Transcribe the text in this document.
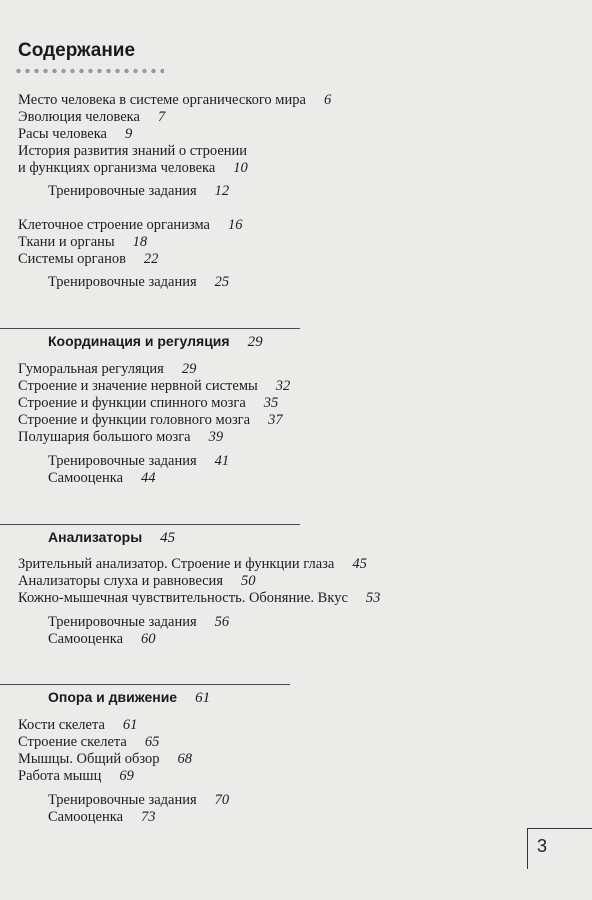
Содержание
Место человека в системе органического мира 6
Эволюция человека 7
Расы человека 9
История развития знаний о строении
и функциях организма человека 10
Тренировочные задания 12
Клеточное строение организма 16
Ткани и органы 18
Системы органов 22
Тренировочные задания 25
Координация и регуляция 29
Гуморальная регуляция 29
Строение и значение нервной системы 32
Строение и функции спинного мозга 35
Строение и функции головного мозга 37
Полушария большого мозга 39
Тренировочные задания 41
Самооценка 44
Анализаторы 45
Зрительный анализатор. Строение и функции глаза 45
Анализаторы слуха и равновесия 50
Кожно-мышечная чувствительность. Обоняние. Вкус 53
Тренировочные задания 56
Самооценка 60
Опора и движение 61
Кости скелета 61
Строение скелета 65
Мышцы. Общий обзор 68
Работа мышц 69
Тренировочные задания 70
Самооценка 73
3
